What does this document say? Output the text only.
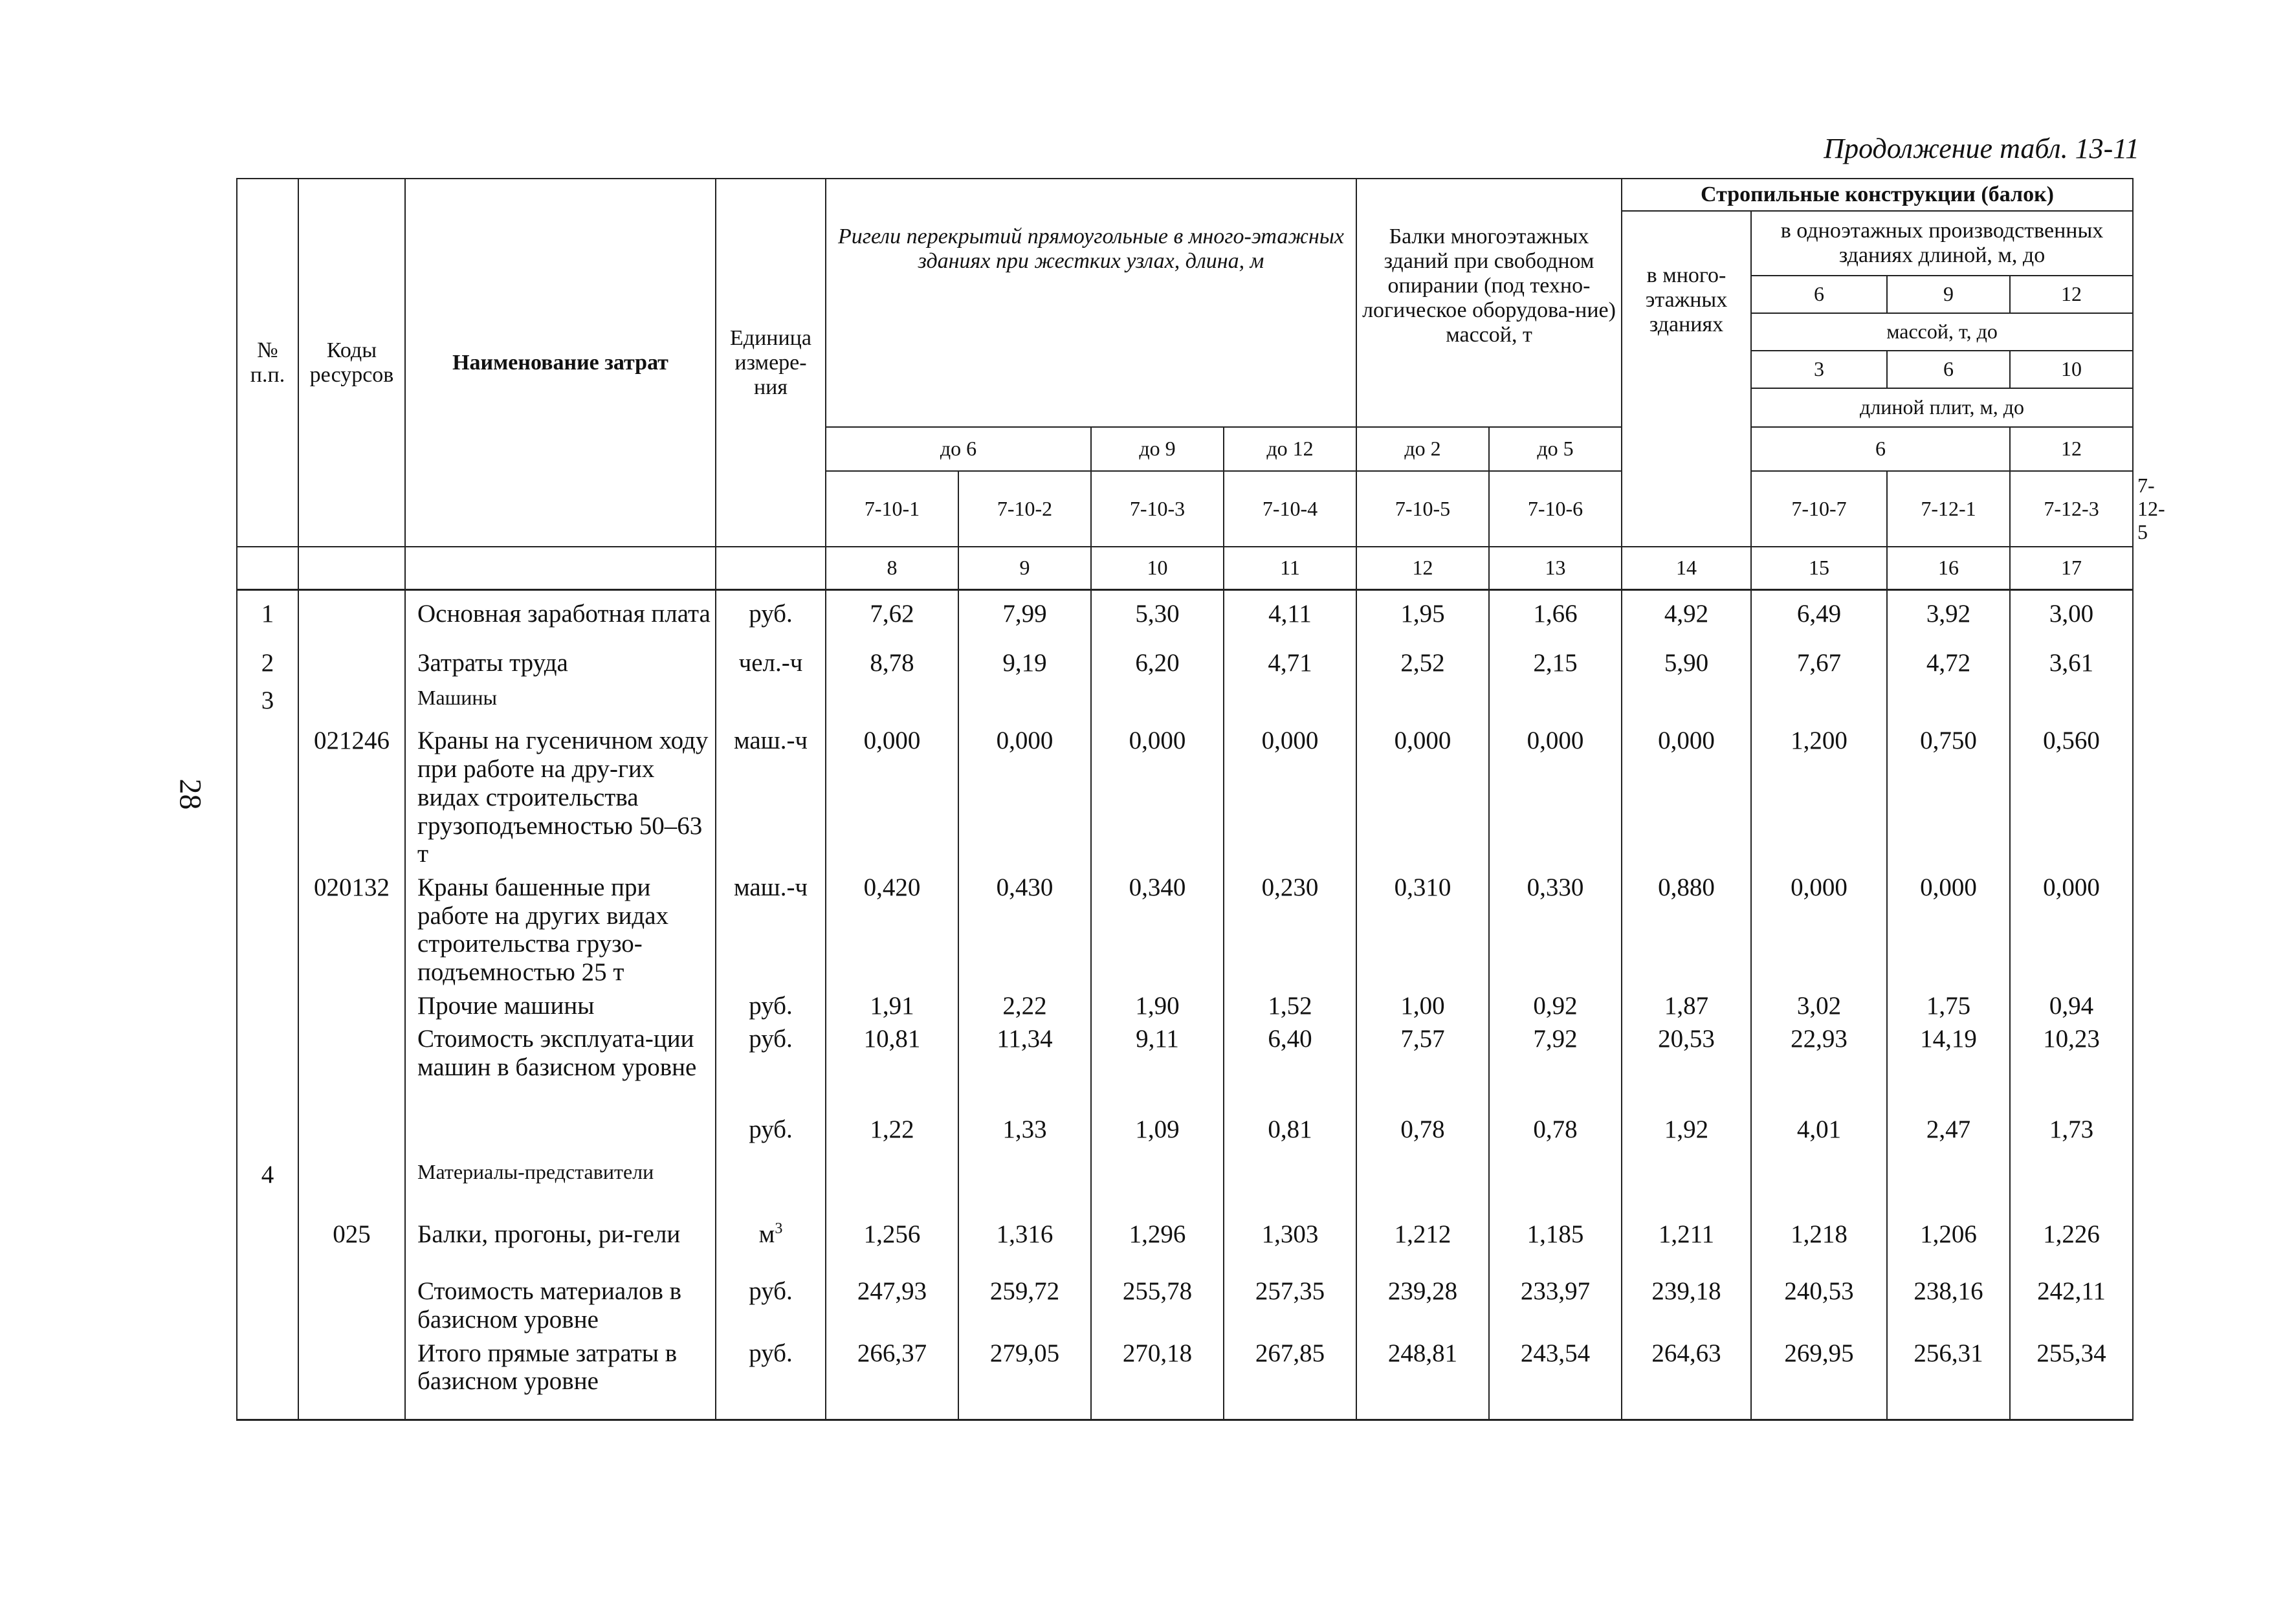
Продолжение табл. 13-11
28
№ п.п.	Коды ресурсов	Наименование затрат	Единица измере-ния	Ригели перекрытий прямоугольные в много-этажных зданиях при жестких узлах, длина, м				Балки многоэтажных зданий при свободном опирании (под техно-логическое оборудова-ние) массой, т		Стропильные конструкции (балок)				
										в много-этажных зданиях	в одноэтажных производственных зданиях длиной, м, до			
											6	9	12	
											массой, т, до			
											3	6	10	
											длиной плит, м, до			
				до 6		до 9	до 12	до 2	до 5		6		12	
				7-10-1	7-10-2	7-10-3	7-10-4	7-10-5	7-10-6		7-10-7	7-12-1	7-12-3	7-12-5
				8	9	10	11	12	13	14	15	16	17	
1		Основная заработная плата	руб.	7,62	7,99	5,30	4,11	1,95	1,66	4,92	6,49	3,92	3,00	
2		Затраты труда	чел.-ч	8,78	9,19	6,20	4,71	2,52	2,15	5,90	7,67	4,72	3,61	
3		Машины												
	021246	Краны на гусеничном ходу при работе на дру-гих видах строительства грузоподъемностью 50–63 т	маш.-ч	0,000	0,000	0,000	0,000	0,000	0,000	0,000	1,200	0,750	0,560	
	020132	Краны башенные при работе на других видах строительства грузо-подъемностью 25 т	маш.-ч	0,420	0,430	0,340	0,230	0,310	0,330	0,880	0,000	0,000	0,000	
		Прочие машины	руб.	1,91	2,22	1,90	1,52	1,00	0,92	1,87	3,02	1,75	0,94	
		Стоимость эксплуата-ции машин в базисном уровне	руб.	10,81	11,34	9,11	6,40	7,57	7,92	20,53	22,93	14,19	10,23	
			руб.	1,22	1,33	1,09	0,81	0,78	0,78	1,92	4,01	2,47	1,73	
4		Материалы-представители												
	025	Балки, прогоны, ри-гели	$м^3$	1,256	1,316	1,296	1,303	1,212	1,185	1,211	1,218	1,206	1,226	
		Стоимость материалов в базисном уровне	руб.	247,93	259,72	255,78	257,35	239,28	233,97	239,18	240,53	238,16	242,11	
		Итого прямые затраты в базисном уровне	руб.	266,37	279,05	270,18	267,85	248,81	243,54	264,63	269,95	256,31	255,34	
